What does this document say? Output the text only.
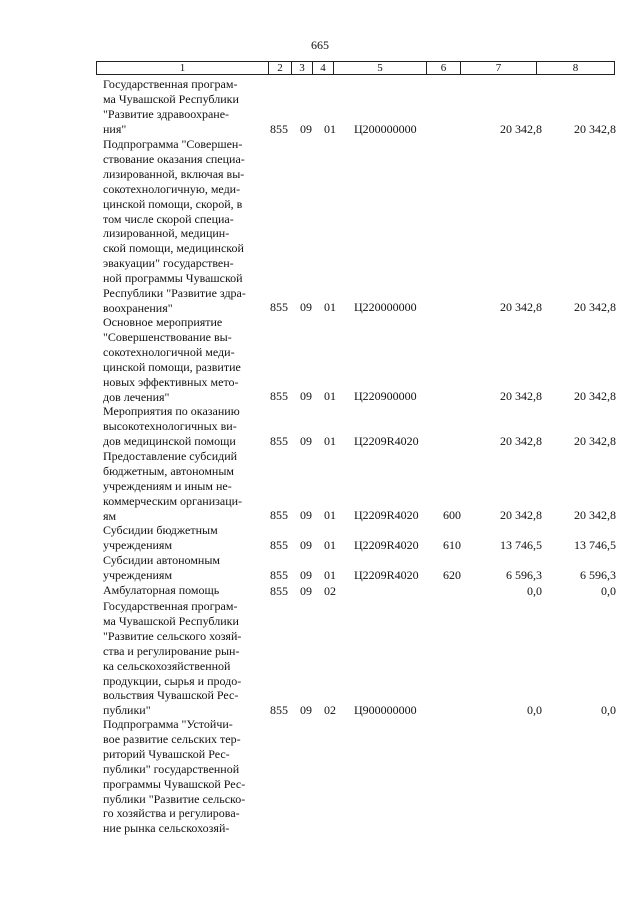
665
1	2	3	4	5	6	7	8
Государственная програм-
ма Чувашской Республики
"Развитие здравоохране-
ния"	855 09 01 Ц200000000	20 342,8	20 342,8
Подпрограмма "Совершен-
ствование оказания специа-
лизированной, включая вы-
сокотехнологичную, меди-
цинской помощи, скорой, в
том числе скорой специа-
лизированной, медицин-
ской помощи, медицинской
эвакуации" государствен-
ной программы Чувашской
Республики "Развитие здра-
воохранения"	855 09 01 Ц220000000	20 342,8	20 342,8
Основное мероприятие
"Совершенствование вы-
сокотехнологичной меди-
цинской помощи, развитие
новых эффективных мето-
дов лечения"	855 09 01 Ц220900000	20 342,8	20 342,8
Мероприятия по оказанию
высокотехнологичных ви-
дов медицинской помощи	855 09 01 Ц2209R4020	20 342,8	20 342,8
Предоставление субсидий
бюджетным, автономным
учреждениям и иным не-
коммерческим организаци-
ям	855 09 01 Ц2209R4020 600	20 342,8	20 342,8
Субсидии бюджетным
учреждениям	855 09 01 Ц2209R4020 610	13 746,5	13 746,5
Субсидии автономным
учреждениям	855 09 01 Ц2209R4020 620	6 596,3	6 596,3
Амбулаторная помощь	855 09 02	0,0	0,0
Государственная програм-
ма Чувашской Республики
"Развитие сельского хозяй-
ства и регулирование рын-
ка сельскохозяйственной
продукции, сырья и продо-
вольствия Чувашской Рес-
публики"	855 09 02 Ц900000000	0,0	0,0
Подпрограмма "Устойчи-
вое развитие сельских тер-
риторий Чувашской Рес-
публики" государственной
программы Чувашской Рес-
публики "Развитие сельско-
го хозяйства и регулирова-
ние рынка сельскохозяй-
